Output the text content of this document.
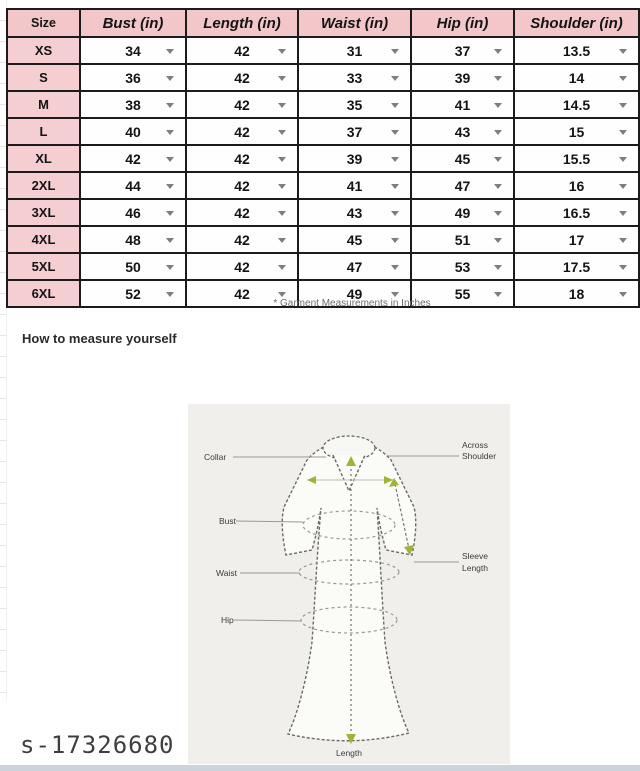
Size	Bust (in)	Length (in)	Waist (in)	Hip (in)	Shoulder (in)
XS	34	42	31	37	13.5

S	36	42	33	39	14

M	38	42	35	41	14.5

L	40	42	37	43	15

XL	42	42	39	45	15.5

2XL	44	42	41	47	16

3XL	46	42	43	49	16.5

4XL	48	42	45	51	17

5XL	50	42	47	53	17.5

6XL	52	42	49	55	18
* Garment Measurements in Inches
How to measure yourself
Collar
Across
Shoulder
Bust
Waist
Hip
Sleeve
Length
Length
s-17326680
